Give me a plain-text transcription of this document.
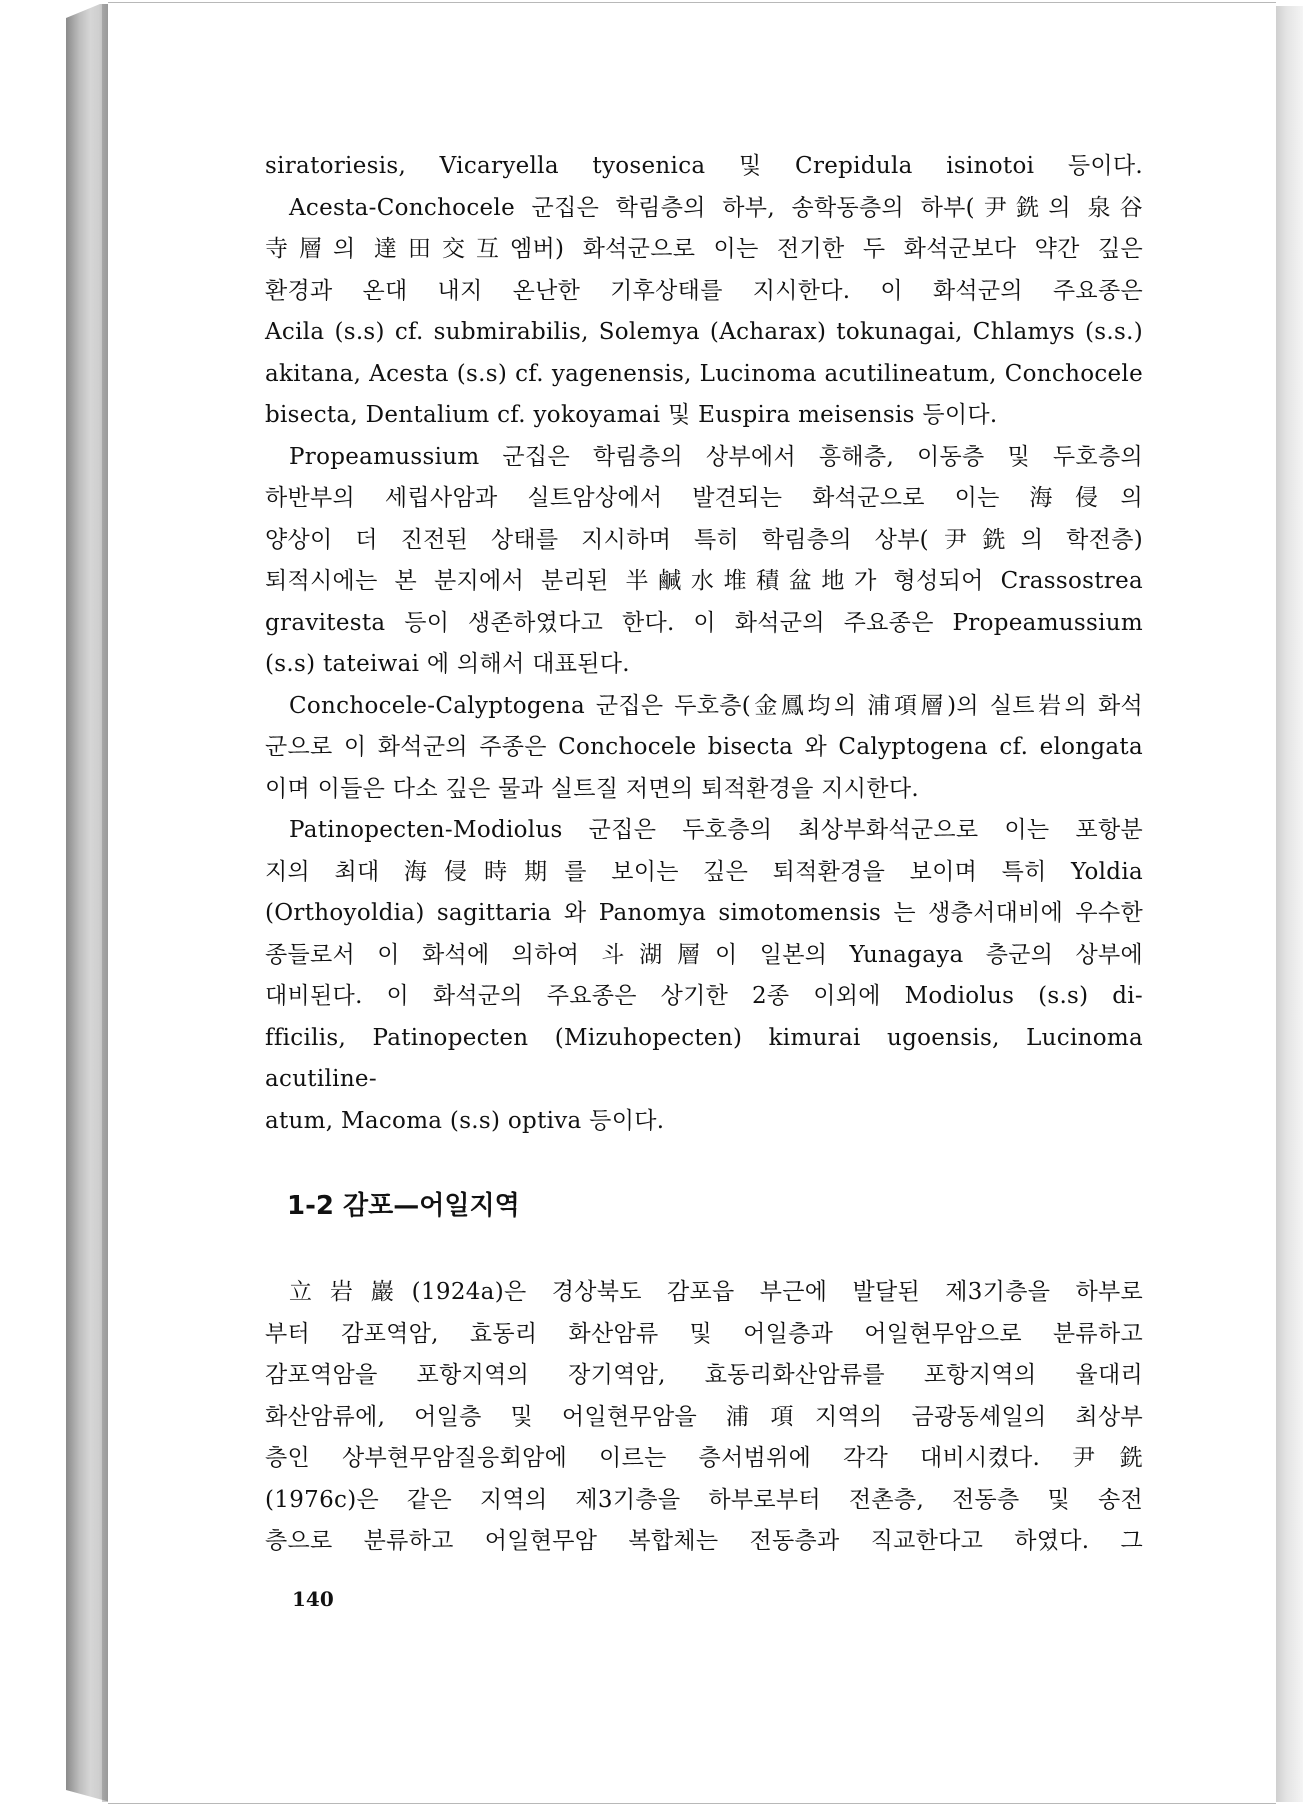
siratoriesis, Vicaryella tyosenica 및 Crepidula isinotoi 등이다.

Acesta-Conchocele 군집은 학림층의 하부, 송학동층의 하부(尹銑의 泉谷

寺層의 達田交互엠버) 화석군으로 이는 전기한 두 화석군보다 약간 깊은

환경과 온대 내지 온난한 기후상태를 지시한다. 이 화석군의 주요종은

Acila (s.s) cf. submirabilis, Solemya (Acharax) tokunagai, Chlamys (s.s.)

akitana, Acesta (s.s) cf. yagenensis, Lucinoma acutilineatum, Conchocele

bisecta, Dentalium cf. yokoyamai 및 Euspira meisensis 등이다.

Propeamussium 군집은 학림층의 상부에서 흥해층, 이동층 및 두호층의

하반부의 세립사암과 실트암상에서 발견되는 화석군으로 이는 海侵의

양상이 더 진전된 상태를 지시하며 특히 학림층의 상부(尹銑의 학전층)

퇴적시에는 본 분지에서 분리된 半鹹水堆積盆地가 형성되어 Crassostrea

gravitesta 등이 생존하였다고 한다. 이 화석군의 주요종은 Propeamussium

(s.s) tateiwai 에 의해서 대표된다.

Conchocele-Calyptogena 군집은 두호층(金鳳均의 浦項層)의 실트岩의 화석

군으로 이 화석군의 주종은 Conchocele bisecta 와 Calyptogena cf. elongata

이며 이들은 다소 깊은 물과 실트질 저면의 퇴적환경을 지시한다.

Patinopecten-Modiolus 군집은 두호층의 최상부화석군으로 이는 포항분

지의 최대 海侵時期를 보이는 깊은 퇴적환경을 보이며 특히 Yoldia

(Orthoyoldia) sagittaria 와 Panomya simotomensis 는 생층서대비에 우수한

종들로서 이 화석에 의하여 斗湖層이 일본의 Yunagaya 층군의 상부에

대비된다. 이 화석군의 주요종은 상기한 2종 이외에 Modiolus (s.s) di-

fficilis, Patinopecten (Mizuhopecten) kimurai ugoensis, Lucinoma acutiline-

atum, Macoma (s.s) optiva 등이다.

1-2 감포—어일지역

立岩巖(1924a)은 경상북도 감포읍 부근에 발달된 제3기층을 하부로

부터 감포역암, 효동리 화산암류 및 어일층과 어일현무암으로 분류하고

감포역암을 포항지역의 장기역암, 효동리화산암류를 포항지역의 율대리

화산암류에, 어일층 및 어일현무암을 浦項지역의 금광동셰일의 최상부

층인 상부현무암질응회암에 이르는 층서범위에 각각 대비시켰다. 尹銑

(1976c)은 같은 지역의 제3기층을 하부로부터 전촌층, 전동층 및 송전

층으로 분류하고 어일현무암 복합체는 전동층과 직교한다고 하였다. 그

140
